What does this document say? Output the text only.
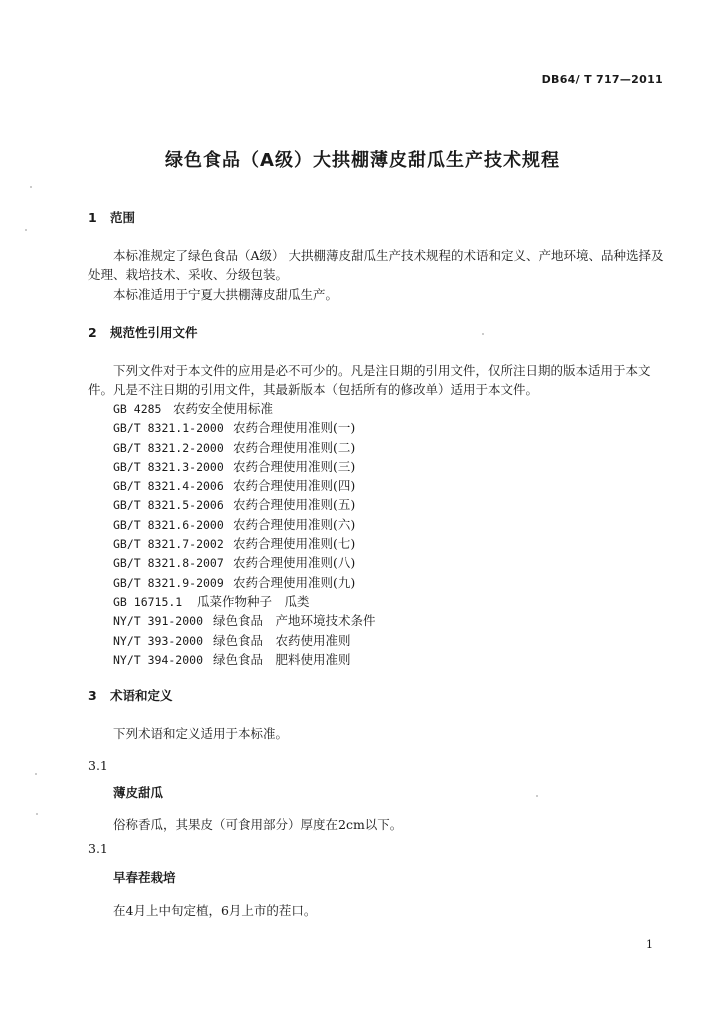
DB64/ T 717—2011
绿色食品（A级）大拱棚薄皮甜瓜生产技术规程
1 范围
本标准规定了绿色食品（A级） 大拱棚薄皮甜瓜生产技术规程的术语和定义、产地环境、品种选择及处理、栽培技术、采收、分级包装。
本标准适用于宁夏大拱棚薄皮甜瓜生产。
2 规范性引用文件
下列文件对于本文件的应用是必不可少的。凡是注日期的引用文件，仅所注日期的版本适用于本文件。凡是不注日期的引用文件，其最新版本（包括所有的修改单）适用于本文件。
GB 4285 农药安全使用标准
GB/T 8321.1-2000 农药合理使用准则(一)
GB/T 8321.2-2000 农药合理使用准则(二)
GB/T 8321.3-2000 农药合理使用准则(三)
GB/T 8321.4-2006 农药合理使用准则(四)
GB/T 8321.5-2006 农药合理使用准则(五)
GB/T 8321.6-2000 农药合理使用准则(六)
GB/T 8321.7-2002 农药合理使用准则(七)
GB/T 8321.8-2007 农药合理使用准则(八)
GB/T 8321.9-2009 农药合理使用准则(九)
GB 16715.1 瓜菜作物种子　瓜类
NY/T 391-2000 绿色食品　产地环境技术条件
NY/T 393-2000 绿色食品　农药使用准则
NY/T 394-2000 绿色食品　肥料使用准则
3 术语和定义
下列术语和定义适用于本标准。
3.1
薄皮甜瓜
俗称香瓜，其果皮（可食用部分）厚度在2cm以下。
3.1
早春茬栽培
在4月上中旬定植，6月上市的茬口。
1
